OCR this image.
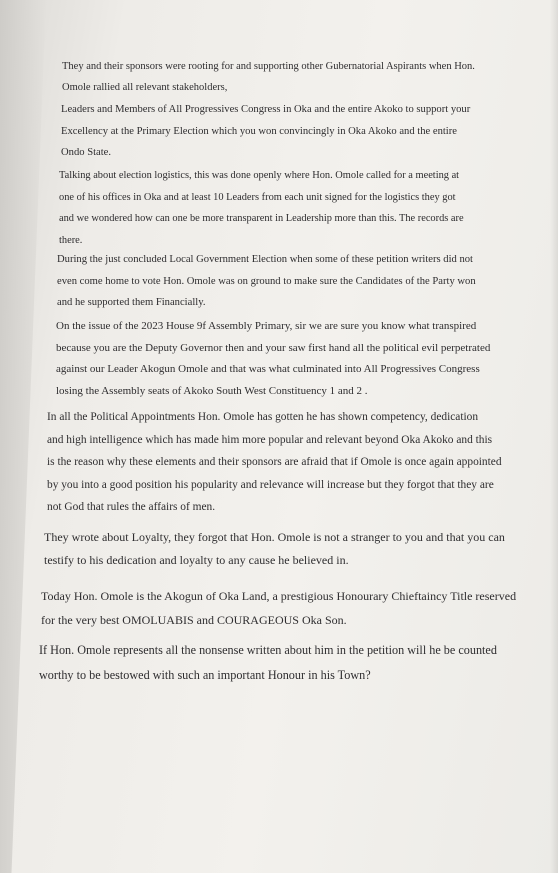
They and their sponsors were rooting for and supporting other Gubernatorial Aspirants when Hon.
Omole rallied all relevant stakeholders,
Leaders and Members of All Progressives Congress in Oka and the entire Akoko to support your
Excellency at the Primary Election which you won convincingly in Oka Akoko and the entire
Ondo State.
Talking about election logistics, this was done openly where Hon. Omole called for a meeting at
one of his offices in Oka and at least 10 Leaders from each unit signed for the logistics they got
and we wondered how can one be more transparent in Leadership more than this. The records are
there.
During the just concluded Local Government Election when some of these petition writers did not
even come home to vote Hon. Omole was on ground to make sure the Candidates of the Party won
and he supported them Financially.
On the issue of the 2023 House 9f Assembly Primary, sir we are sure you know what transpired
because you are the Deputy Governor then and your saw first hand all the political evil perpetrated
against our Leader Akogun Omole and that was what culminated into All Progressives Congress
losing the Assembly seats of Akoko South West Constituency 1 and 2 .
In all the Political Appointments Hon. Omole has gotten he has shown competency, dedication
and high intelligence which has made him more popular and relevant beyond Oka Akoko and this
is the reason why these elements and their sponsors are afraid that if Omole is once again appointed
by you into a good position his popularity and relevance will increase but they forgot that they are
not God that rules the affairs of men.
They wrote about Loyalty, they forgot that Hon. Omole is not a stranger to you and that you can
testify to his dedication and loyalty to any cause he believed in.
Today Hon. Omole is the Akogun of Oka Land, a prestigious Honourary Chieftaincy Title reserved
for the very best OMOLUABIS and COURAGEOUS Oka Son.
If Hon. Omole represents all the nonsense written about him in the petition will he be counted
worthy to be bestowed with such an important Honour in his Town?
